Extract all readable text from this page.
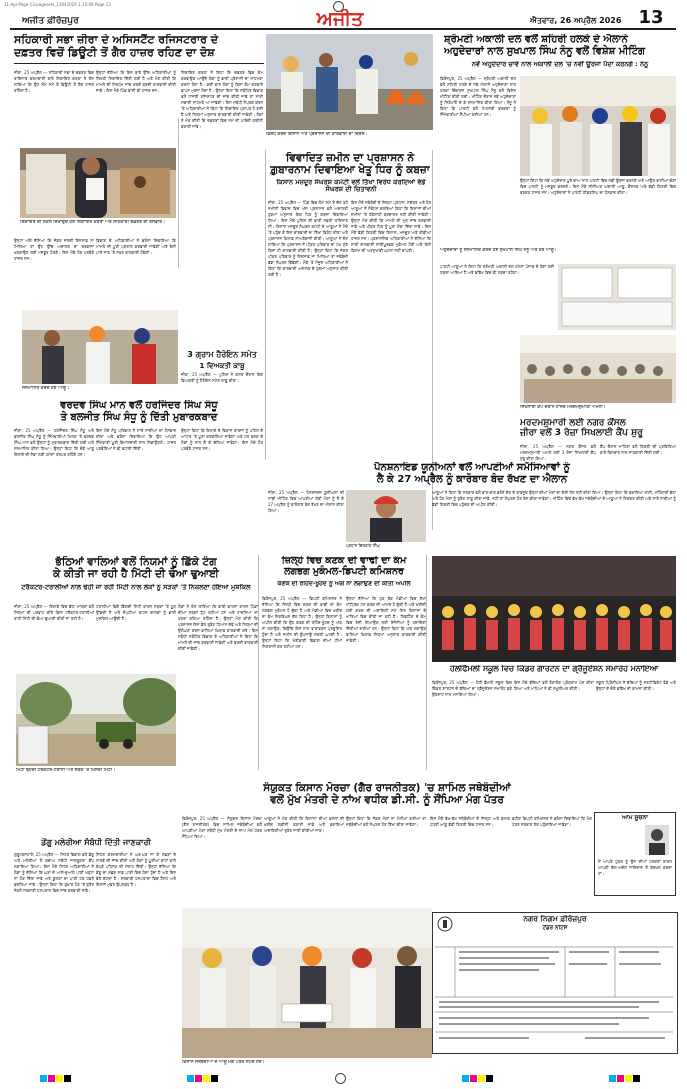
11-Apr-Page-13-pagesets_13042026 1-15:00 Page 13
ਅਜੀਤ ਫ਼ੀਰੋਜ਼ਪੁਰ	ਅਜੀਤ	ਐਤਵਾਰ, 26 ਅਪ੍ਰੈਲ 2026 13
ਸਹਿਕਾਰੀ ਸਭਾ ਜ਼ੀਰਾ ਦੇ ਅਸਿਸਟੈਂਟ ਰਜਿਸਟਰਾਰ ਦੇ
ਦਫ਼ਤਰ ਵਿਚੋਂ ਡਿਊਟੀ ਤੋਂ ਗੈਰ ਹਾਜ਼ਰ ਰਹਿਣ ਦਾ ਦੋਸ਼
ਜ਼ੀਰਾ, 25 ਅਪ੍ਰੈਲ — ਸਹਿਕਾਰੀ ਸਭਾ ਦੇ ਦਫ਼ਤਰ ਵਿਚ ਤਾਇਨਾਤ ਕਰਮਚਾਰੀ ਬਾਰੇ ਸ਼ਿਕਾਇਤ ਕਰਤਾ ਨੇ ਦੋਸ਼ ਲਾਇਆ ਕਿ ਉਹ ਲੰਮੇ ਸਮੇਂ ਤੋਂ ਡਿਊਟੀ ਤੋਂ ਗੈਰ ਹਾਜ਼ਰ ਰਹਿੰਦਾ ਹੈ।
ਉਨ੍ਹਾਂ ਦੱਸਿਆ ਕਿ ਇਸ ਬਾਰੇ ਉੱਚ ਅਧਿਕਾਰੀਆਂ ਨੂੰ ਲਿਖਤੀ ਸ਼ਿਕਾਇਤ ਦਿੱਤੀ ਗਈ ਹੈ ਅਤੇ ਮੰਗ ਕੀਤੀ ਕਿ ਮਾਮਲੇ ਦੀ ਨਿਰਪੱਖ ਜਾਂਚ ਕਰਕੇ ਬਣਦੀ ਕਾਰਵਾਈ ਕੀਤੀ ਜਾਵੇ। ਇਸ ਮੌਕੇ ਪਿੰਡ ਵਾਸੀ ਵੀ ਹਾਜ਼ਰ ਸਨ।
ਸ਼ਿਕਾਇਤ ਕਰਤਾ ਨੇ ਕਿਹਾ ਕਿ ਦਫ਼ਤਰ ਵਿਚ ਕੰਮ ਕਰਵਾਉਣ ਆਉਂਦੇ ਲੋਕਾਂ ਨੂੰ ਭਾਰੀ ਪ੍ਰੇਸ਼ਾਨੀ ਦਾ ਸਾਹਮਣਾ ਕਰਨਾ ਪੈਂਦਾ ਹੈ। ਕਈ ਵਾਰ ਲੋਕਾਂ ਨੂੰ ਬਿਨਾਂ ਕੰਮ ਕਰਵਾਏ ਵਾਪਸ ਮੁੜਨਾ ਪੈਂਦਾ ਹੈ। ਉਨ੍ਹਾਂ ਕਿਹਾ ਕਿ ਸਬੰਧਿਤ ਵਿਭਾਗ ਵਲੋਂ ਹਾਜ਼ਰੀ ਰਜਿਸਟਰ ਦੀ ਜਾਂਚ ਕੀਤੀ ਜਾਵੇ ਤਾਂ ਸਾਰੀ ਸਚਾਈ ਸਾਹਮਣੇ ਆ ਜਾਵੇਗੀ। ਇਸ ਸਬੰਧੀ ਸੰਪਰਕ ਕਰਨ 'ਤੇ ਅਧਿਕਾਰੀਆਂ ਨੇ ਕਿਹਾ ਕਿ ਸ਼ਿਕਾਇਤ ਪ੍ਰਾਪਤ ਹੋ ਗਈ ਹੈ ਅਤੇ ਨਿਯਮਾਂ ਅਨੁਸਾਰ ਕਾਰਵਾਈ ਕੀਤੀ ਜਾਵੇਗੀ। ਲੋਕਾਂ ਨੇ ਮੰਗ ਕੀਤੀ ਕਿ ਦਫ਼ਤਰਾਂ ਵਿਚ ਸਮੇਂ ਦੀ ਪਾਬੰਦੀ ਯਕੀਨੀ ਬਣਾਈ ਜਾਵੇ।
ਸ਼ਿਕਾਇਤ ਦੀ ਨਕਲ ਦਿਖਾਉਂਦੇ ਹੋਏ ਸ਼ਿਕਾਇਤ ਕਰਤਾ ਅਤੇ ਸਹਿਕਾਰੀ ਦਫ਼ਤਰ ਦੀ ਤਸਵੀਰ।
ਉਨ੍ਹਾਂ ਅੱਗੇ ਦੱਸਿਆ ਕਿ ਜੇਕਰ ਜਲਦੀ ਇਨਸਾਫ਼ ਨਾ ਮਿਲਿਆ ਤਾਂ ਉਹ ਉੱਚ ਅਦਾਲਤ ਦਾ ਦਰਵਾਜ਼ਾ ਖੜਕਾਉਣ ਲਈ ਮਜਬੂਰ ਹੋਣਗੇ। ਇਸ ਮੌਕੇ ਹੋਰ ਪਤਵੰਤੇ ਹਾਜ਼ਰ ਸਨ।
ਵਿਭਾਗ ਦੇ ਅਧਿਕਾਰੀਆਂ ਨੇ ਭਰੋਸਾ ਦਿਵਾਇਆ ਕਿ ਮਾਮਲੇ ਦੀ ਪੂਰੀ ਪੜਤਾਲ ਕਰਵਾਈ ਜਾਵੇਗੀ ਅਤੇ ਦੋਸ਼ੀ ਪਾਏ ਜਾਣ 'ਤੇ ਸਖ਼ਤ ਕਾਰਵਾਈ ਹੋਵੇਗੀ।
ਵਿਰੋਧ ਕਰਦੇ ਕਿਸਾਨ ਅਤੇ ਪ੍ਰਸ਼ਾਸਨ ਦੀ ਕਾਰਵਾਈ ਦਾ ਦ੍ਰਿਸ਼।
ਵਿਵਾਦਿਤ ਜ਼ਮੀਨ ਦਾ ਪ੍ਰਸ਼ਾਸਨ ਨੇ
ਗ਼ੁਬਾਰਨਾਮ ਦਿਵਾਇਆ ਖੇਤੂ ਧਿਰ ਨੂੰ ਕਬਜ਼ਾ
ਕਿਸਾਨ ਮਜ਼ਦੂਰ ਸੰਘਰਸ਼ ਕਮੇਟੀ ਵਲੋਂ ਤਿੱਖਾ ਵਿਰੋਧ ਕਰਦਿਆਂ ਵੱਡੇ ਸੰਘਰਸ਼ ਦੀ ਚਿਤਾਵਨੀ
ਜ਼ੀਰਾ, 25 ਅਪ੍ਰੈਲ — ਪਿੰਡ ਵਿਚ ਲੰਮੇ ਸਮੇਂ ਤੋਂ ਚੱਲ ਰਹੇ ਜ਼ਮੀਨੀ ਵਿਵਾਦ ਵਿਚ ਅੱਜ ਪ੍ਰਸ਼ਾਸਨ ਵਲੋਂ ਅਦਾਲਤੀ ਹੁਕਮਾਂ ਅਨੁਸਾਰ ਇਕ ਧਿਰ ਨੂੰ ਕਬਜ਼ਾ ਦਿਵਾਇਆ ਗਿਆ। ਇਸ ਮੌਕੇ ਪੁਲਿਸ ਦੀ ਭਾਰੀ ਨਫ਼ਰੀ ਤਾਇਨਾਤ ਸੀ। ਕਿਸਾਨ ਮਜ਼ਦੂਰ ਸੰਘਰਸ਼ ਕਮੇਟੀ ਦੇ ਆਗੂਆਂ ਨੇ ਮੌਕੇ 'ਤੇ ਪਹੁੰਚ ਕੇ ਇਸ ਕਾਰਵਾਈ ਦਾ ਤਿੱਖਾ ਵਿਰੋਧ ਕੀਤਾ ਅਤੇ ਪ੍ਰਸ਼ਾਸਨ ਖ਼ਿਲਾਫ਼ ਨਾਅਰੇਬਾਜ਼ੀ ਕੀਤੀ। ਆਗੂਆਂ ਨੇ ਦੋਸ਼ ਲਾਇਆ ਕਿ ਪ੍ਰਸ਼ਾਸਨ ਨੇ ਪੀੜਤ ਪਰਿਵਾਰ ਦਾ ਪੱਖ ਸੁਣੇ ਬਿਨਾਂ ਹੀ ਕਾਰਵਾਈ ਕੀਤੀ ਹੈ। ਉਨ੍ਹਾਂ ਕਿਹਾ ਕਿ ਜੇਕਰ ਪੀੜਤ ਪਰਿਵਾਰ ਨੂੰ ਇਨਸਾਫ਼ ਨਾ ਮਿਲਿਆ ਤਾਂ ਜਥੇਬੰਦੀ ਵੱਡਾ ਸੰਘਰਸ਼ ਵਿੱਢੇਗੀ। ਮੌਕੇ 'ਤੇ ਮੌਜੂਦ ਅਧਿਕਾਰੀਆਂ ਨੇ ਕਿਹਾ ਕਿ ਕਾਰਵਾਈ ਅਦਾਲਤ ਦੇ ਹੁਕਮਾਂ ਅਨੁਸਾਰ ਕੀਤੀ ਗਈ ਹੈ।
ਇਸ ਮੌਕੇ ਜਥੇਬੰਦੀ ਦੇ ਜ਼ਿਲ੍ਹਾ ਪ੍ਰਧਾਨ, ਸਕੱਤਰ ਅਤੇ ਹੋਰ ਆਗੂਆਂ ਨੇ ਸੰਬੋਧਨ ਕਰਦਿਆਂ ਕਿਹਾ ਕਿ ਕਿਸਾਨਾਂ ਦੀਆਂ ਜ਼ਮੀਨਾਂ 'ਤੇ ਧੱਕੇਸ਼ਾਹੀ ਬਰਦਾਸ਼ਤ ਨਹੀਂ ਕੀਤੀ ਜਾਵੇਗੀ। ਉਨ੍ਹਾਂ ਮੰਗ ਕੀਤੀ ਕਿ ਮਾਮਲੇ ਦੀ ਮੁੜ ਜਾਂਚ ਕਰਵਾਈ ਜਾਵੇ ਅਤੇ ਪੀੜਤ ਧਿਰ ਨੂੰ ਪੂਰਾ ਮੌਕਾ ਦਿੱਤਾ ਜਾਵੇ। ਇਸ ਮੌਕੇ ਵੱਡੀ ਗਿਣਤੀ ਵਿਚ ਕਿਸਾਨ, ਮਜ਼ਦੂਰ ਅਤੇ ਬੀਬੀਆਂ ਹਾਜ਼ਰ ਸਨ। ਪ੍ਰਸ਼ਾਸਨਿਕ ਅਧਿਕਾਰੀਆਂ ਨੇ ਦੱਸਿਆ ਕਿ ਸਾਰੀ ਕਾਰਵਾਈ ਸ਼ਾਂਤੀਪੂਰਵਕ ਮੁਕੰਮਲ ਹੋਈ ਅਤੇ ਕਿਸੇ ਕਿਸਮ ਦੀ ਅਣਸੁਖਾਵੀਂ ਘਟਨਾ ਨਹੀਂ ਵਾਪਰੀ।
ਸ਼੍ਰੋਮਣੀ ਅਕਾਲੀ ਦਲ ਵਲੋਂ ਸ਼ਹਿਰੀ ਹਲਕੇ ਦੇ ਐਲਾਨੇ
ਅਹੁਦੇਦਾਰਾਂ ਨਾਲ ਸੁਖਪਾਲ ਸਿੰਘ ਨੰਨੂ ਵਲੋਂ ਵਿਸ਼ੇਸ਼ ਮੀਟਿੰਗ
ਨਵੇਂ ਅਹੁਦੇਦਾਰ ਚਾਵੇ ਨਾਲ ਅਕਾਲੀ ਦਲ 'ਚ ਨਵੀਂ ਊਰਜਾ ਪੈਦਾ ਕਰਨਗੇ : ਨੰਨੂ
ਫ਼ਿਰੋਜ਼ਪੁਰ, 25 ਅਪ੍ਰੈਲ — ਸ਼੍ਰੋਮਣੀ ਅਕਾਲੀ ਦਲ ਵਲੋਂ ਸ਼ਹਿਰੀ ਹਲਕੇ ਦੇ ਨਵੇਂ ਐਲਾਨੇ ਅਹੁਦੇਦਾਰਾਂ ਨਾਲ ਹਲਕਾ ਇੰਚਾਰਜ ਸੁਖਪਾਲ ਸਿੰਘ ਨੰਨੂ ਵਲੋਂ ਵਿਸ਼ੇਸ਼ ਮੀਟਿੰਗ ਕੀਤੀ ਗਈ। ਮੀਟਿੰਗ ਦੌਰਾਨ ਨਵੇਂ ਅਹੁਦੇਦਾਰਾਂ ਨੂੰ ਸਿਰੋਪਾਓ ਦੇ ਕੇ ਸਨਮਾਨਿਤ ਕੀਤਾ ਗਿਆ। ਨੰਨੂ ਨੇ ਕਿਹਾ ਕਿ ਪਾਰਟੀ ਵਲੋਂ ਮਿਹਨਤੀ ਵਰਕਰਾਂ ਨੂੰ ਜ਼ਿੰਮੇਵਾਰੀਆਂ ਸੌਂਪੀਆਂ ਗਈਆਂ ਹਨ।
ਉਨ੍ਹਾਂ ਕਿਹਾ ਕਿ ਨਵੇਂ ਅਹੁਦੇਦਾਰ ਪੂਰੇ ਚਾਅ ਨਾਲ ਪਾਰਟੀ ਵਿਚ ਨਵੀਂ ਊਰਜਾ ਭਰਨਗੇ ਅਤੇ ਆਉਣ ਵਾਲੀਆਂ ਚੋਣਾਂ ਵਿਚ ਪਾਰਟੀ ਨੂੰ ਮਜ਼ਬੂਤ ਕਰਨਗੇ। ਇਸ ਮੌਕੇ ਸੀਨੀਅਰ ਅਕਾਲੀ ਆਗੂ, ਕੌਂਸਲਰ ਅਤੇ ਵੱਡੀ ਗਿਣਤੀ ਵਿਚ ਵਰਕਰ ਹਾਜ਼ਰ ਸਨ। ਅਹੁਦੇਦਾਰਾਂ ਨੇ ਪਾਰਟੀ ਲੀਡਰਸ਼ਿਪ ਦਾ ਧੰਨਵਾਦ ਕੀਤਾ।
ਅਹੁਦੇਦਾਰਾਂ ਨੂੰ ਸਨਮਾਨਿਤ ਕਰਦੇ ਹੋਏ ਸੁਖਪਾਲ ਸਿੰਘ ਨੰਨੂ ਅਤੇ ਹੋਰ ਆਗੂ।
ਪਾਰਟੀ ਆਗੂਆਂ ਨੇ ਕਿਹਾ ਕਿ ਸ਼੍ਰੋਮਣੀ ਅਕਾਲੀ ਦਲ ਹਮੇਸ਼ਾ ਪੰਜਾਬ ਦੇ ਹੱਕਾਂ ਲਈ ਲੜਦਾ ਆਇਆ ਹੈ ਅਤੇ ਭਵਿੱਖ ਵਿਚ ਵੀ ਲੜਦਾ ਰਹੇਗਾ।
ਸਨਮਾਨਿਤ ਕਰਦੇ ਹੋਏ ਆਗੂ।
ਵਰਦਵ ਸਿੰਘ ਮਾਨ ਵਲੋਂ ਹਰਜਿੰਦਰ ਸਿੰਘ ਸੰਧੂ
ਤੇ ਬਲਜੀਤ ਸਿੰਘ ਸੰਧੂ ਨੂੰ ਦਿੱਤੀ ਮੁਬਾਰਕਬਾਦ
ਜ਼ੀਰਾ, 25 ਅਪ੍ਰੈਲ — ਹਰਜਿੰਦਰ ਸਿੰਘ ਸੰਧੂ ਅਤੇ ਬਲਜੀਤ ਸਿੰਘ ਸੰਧੂ ਨੂੰ ਜ਼ਿੰਮੇਵਾਰੀਆਂ ਮਿਲਣ 'ਤੇ ਵਰਦਵ ਸਿੰਘ ਮਾਨ ਵਲੋਂ ਉਨ੍ਹਾਂ ਨੂੰ ਮੁਬਾਰਕਬਾਦ ਦਿੱਤੀ ਗਈ ਅਤੇ ਸਨਮਾਨਿਤ ਕੀਤਾ ਗਿਆ। ਉਨ੍ਹਾਂ ਕਿਹਾ ਕਿ ਦੋਵੇਂ ਆਗੂ ਇਲਾਕੇ ਦੀ ਸੇਵਾ ਲਈ ਹਮੇਸ਼ਾ ਤਤਪਰ ਰਹਿੰਦੇ ਹਨ।
ਇਸ ਮੌਕੇ ਸੰਧੂ ਪਰਿਵਾਰ ਨੇ ਸਾਰੇ ਸਾਥੀਆਂ ਦਾ ਧੰਨਵਾਦ ਕੀਤਾ ਅਤੇ ਭਰੋਸਾ ਦਿਵਾਇਆ ਕਿ ਉਹ ਆਪਣੀ ਜ਼ਿੰਮੇਵਾਰੀ ਪੂਰੀ ਇਮਾਨਦਾਰੀ ਨਾਲ ਨਿਭਾਉਣਗੇ। ਹਾਜ਼ਰ ਪਤਵੰਤਿਆਂ ਨੇ ਵੀ ਵਧਾਈ ਦਿੱਤੀ।
ਉਨ੍ਹਾਂ ਕਿਹਾ ਕਿ ਇਲਾਕੇ ਦੇ ਵਿਕਾਸ ਕਾਰਜਾਂ ਨੂੰ ਪਹਿਲ ਦੇ ਆਧਾਰ 'ਤੇ ਪੂਰਾ ਕਰਵਾਇਆ ਜਾਵੇਗਾ ਅਤੇ ਹਰ ਵਰਗ ਦੇ ਲੋਕਾਂ ਨੂੰ ਨਾਲ ਲੈ ਕੇ ਚੱਲਿਆ ਜਾਵੇਗਾ। ਇਸ ਮੌਕੇ ਹੋਰ ਪਤਵੰਤੇ ਹਾਜ਼ਰ ਸਨ।
3 ਗ੍ਰਾਮ ਹੈਰੋਇਨ ਸਮੇਤ
1 ਵਿਅਕਤੀ ਕਾਬੂ
ਜ਼ੀਰਾ, 25 ਅਪ੍ਰੈਲ — ਪੁਲਿਸ ਨੇ ਗਸ਼ਤ ਦੌਰਾਨ ਇਕ ਵਿਅਕਤੀ ਨੂੰ ਹੈਰੋਇਨ ਸਮੇਤ ਕਾਬੂ ਕੀਤਾ।
ਪੈਨਸ਼ਨਾਇਡ ਯੂਨੀਅਨਾਂ ਵਲੋਂ ਆਪਣੀਆਂ ਸਮੱਸਿਆਵਾਂ ਨੂੰ
ਲੈ ਕੇ 27 ਅਪ੍ਰੈਲ ਨੂੰ ਕਾਰੋਬਾਰ ਬੰਦ ਰੱਖਣ ਦਾ ਐਲਾਨ
ਜ਼ੀਰਾ, 25 ਅਪ੍ਰੈਲ — ਪੈਨਸ਼ਨਰਜ਼ ਯੂਨੀਅਨਾਂ ਦੀ ਸਾਂਝੀ ਮੀਟਿੰਗ ਵਿਚ ਆਪਣੀਆਂ ਹੱਕੀ ਮੰਗਾਂ ਨੂੰ ਲੈ ਕੇ 27 ਅਪ੍ਰੈਲ ਨੂੰ ਕਾਰੋਬਾਰ ਬੰਦ ਰੱਖਣ ਦਾ ਐਲਾਨ ਕੀਤਾ ਗਿਆ।
ਪ੍ਰਧਾਨ ਦਿਲਬਾਗ ਸਿੰਘ
ਆਗੂਆਂ ਨੇ ਕਿਹਾ ਕਿ ਸਰਕਾਰ ਵਲੋਂ ਵਾਰ-ਵਾਰ ਭਰੋਸੇ ਦੇਣ ਦੇ ਬਾਵਜੂਦ ਉਨ੍ਹਾਂ ਦੀਆਂ ਮੰਗਾਂ ਦਾ ਕੋਈ ਹੱਲ ਨਹੀਂ ਕੀਤਾ ਗਿਆ। ਉਨ੍ਹਾਂ ਕਿਹਾ ਕਿ ਬਕਾਇਆ ਰਾਸ਼ੀ, ਮਹਿੰਗਾਈ ਭੱਤਾ ਅਤੇ ਹੋਰ ਮੰਗਾਂ ਨੂੰ ਤੁਰੰਤ ਲਾਗੂ ਕੀਤਾ ਜਾਵੇ, ਨਹੀਂ ਤਾਂ ਸੰਘਰਸ਼ ਹੋਰ ਤੇਜ਼ ਕੀਤਾ ਜਾਵੇਗਾ। ਮੀਟਿੰਗ ਵਿਚ ਵੱਖ-ਵੱਖ ਜਥੇਬੰਦੀਆਂ ਦੇ ਆਗੂਆਂ ਨੇ ਸ਼ਿਰਕਤ ਕੀਤੀ ਅਤੇ ਸਾਰੇ ਸਾਥੀਆਂ ਨੂੰ ਵੱਡੀ ਗਿਣਤੀ ਵਿਚ ਪਹੁੰਚਣ ਦੀ ਅਪੀਲ ਕੀਤੀ।
ਸਿਖਲਾਈ ਕੈਂਪ ਦੌਰਾਨ ਹਾਜ਼ਰ ਮਰਦਮਸ਼ੁਮਾਰੀ ਅਮਲਾ।
ਮਰਦਮਸ਼ੁਮਾਰੀ ਲਈ ਨਗਰ ਕੌਂਸਲ
ਜ਼ੀਰਾ ਵਲੋਂ 3 ਰੋਜ਼ਾ ਸਿਖਲਾਈ ਕੈਂਪ ਸ਼ੁਰੂ
ਜ਼ੀਰਾ, 25 ਅਪ੍ਰੈਲ — ਨਗਰ ਕੌਂਸਲ ਵਲੋਂ ਮਰਦਮਸ਼ੁਮਾਰੀ ਅਮਲੇ ਲਈ 3 ਰੋਜ਼ਾ ਸਿਖਲਾਈ ਕੈਂਪ ਸ਼ੁਰੂ ਕੀਤਾ ਗਿਆ।
ਕੈਂਪ ਦੌਰਾਨ ਮਾਹਿਰਾਂ ਵਲੋਂ ਗਿਣਤੀ ਦੀ ਪ੍ਰਕਿਰਿਆ ਬਾਰੇ ਵਿਸਥਾਰ ਨਾਲ ਜਾਣਕਾਰੀ ਦਿੱਤੀ ਗਈ।
ਭੱਠਿਆਂ ਵਾਲਿਆਂ ਵਲੋਂ ਨਿਯਮਾਂ ਨੂੰ ਛਿੱਕੇ ਟੰਗ
ਕੇ ਕੀਤੀ ਜਾ ਰਹੀ ਹੈ ਮਿੱਟੀ ਦੀ ਢੋਆ ਢੁਆਈ
ਟਰੈਕਟਰ-ਟਰਾਲੀਆਂ ਨਾਲ ਢੋਹੀ ਜਾ ਰਹੀ ਮਿੱਟੀ ਨਾਲ ਲੋਕਾਂ ਨੂੰ ਸੜਕਾਂ 'ਤੇ ਨਿਕਲਣਾ ਹੋਇਆ ਮੁਸ਼ਕਿਲ
ਜ਼ੀਰਾ, 25 ਅਪ੍ਰੈਲ — ਇਲਾਕੇ ਵਿਚ ਭੱਠਾ ਮਾਲਕਾਂ ਵਲੋਂ ਨਿਯਮਾਂ ਦੀ ਪਰਵਾਹ ਕੀਤੇ ਬਿਨਾਂ ਟਰੈਕਟਰ-ਟਰਾਲੀਆਂ ਰਾਹੀਂ ਮਿੱਟੀ ਦੀ ਢੋਆ ਢੁਆਈ ਕੀਤੀ ਜਾ ਰਹੀ ਹੈ।
ਟਰਾਲੀਆਂ ਵਿਚੋਂ ਡਿੱਗਦੀ ਮਿੱਟੀ ਕਾਰਨ ਸੜਕਾਂ 'ਤੇ ਧੂੜ ਉੱਡਦੀ ਹੈ ਅਤੇ ਦੋਪਹੀਆ ਵਾਹਨ ਚਾਲਕਾਂ ਨੂੰ ਭਾਰੀ ਮੁਸ਼ਕਿਲ ਆਉਂਦੀ ਹੈ।
ਲੋਕਾਂ ਨੇ ਦੋਸ਼ ਲਾਇਆ ਕਿ ਭਾਰੀ ਵਾਹਨਾਂ ਕਾਰਨ ਪਿੰਡਾਂ ਦੀਆਂ ਸੜਕਾਂ ਟੁੱਟ ਰਹੀਆਂ ਹਨ ਅਤੇ ਹਾਦਸਿਆਂ ਦਾ ਖ਼ਤਰਾ ਬਣਿਆ ਰਹਿੰਦਾ ਹੈ। ਉਨ੍ਹਾਂ ਮੰਗ ਕੀਤੀ ਕਿ ਪ੍ਰਸ਼ਾਸਨ ਇਸ ਵੱਲ ਤੁਰੰਤ ਧਿਆਨ ਦੇਵੇ ਅਤੇ ਨਿਯਮਾਂ ਦੀ ਉਲੰਘਣਾ ਕਰਨ ਵਾਲਿਆਂ ਖ਼ਿਲਾਫ਼ ਕਾਰਵਾਈ ਕਰੇ। ਇਸ ਸਬੰਧੀ ਸਬੰਧਿਤ ਵਿਭਾਗ ਦੇ ਅਧਿਕਾਰੀਆਂ ਨੇ ਕਿਹਾ ਕਿ ਮਾਮਲੇ ਦੀ ਜਾਂਚ ਕਰਵਾਈ ਜਾਵੇਗੀ ਅਤੇ ਬਣਦੀ ਕਾਰਵਾਈ ਕੀਤੀ ਜਾਵੇਗੀ।
ਮਿੱਟੀ ਢੋਂਹਦੀ ਟਰੈਕਟਰ-ਟਰਾਲੀ ਅਤੇ ਸੜਕ 'ਤੇ ਖਿੱਲਰੀ ਮਿੱਟੀ।
ਜ਼ਿਲ੍ਹੇ ਵਿਚ ਕਣਕ ਦੀ ਵਾਢੀ ਦਾ ਕੰਮ
ਲਗਭਗ ਮੁਕੰਮਲ-ਡਿਪਟੀ ਕਮਿਸ਼ਨਰ
ਕਣਕ ਦੀ ਰਹਿੰਦ-ਖੂੰਹਦ ਨੂੰ ਅੱਗ ਨਾ ਲਗਾਉਣ ਦੀ ਕੀਤੀ ਅਪੀਲ
ਫ਼ਿਰੋਜ਼ਪੁਰ, 25 ਅਪ੍ਰੈਲ — ਡਿਪਟੀ ਕਮਿਸ਼ਨਰ ਨੇ ਦੱਸਿਆ ਕਿ ਜ਼ਿਲ੍ਹੇ ਵਿਚ ਕਣਕ ਦੀ ਵਾਢੀ ਦਾ ਕੰਮ ਲਗਭਗ ਮੁਕੰਮਲ ਹੋ ਚੁੱਕਾ ਹੈ ਅਤੇ ਮੰਡੀਆਂ ਵਿਚ ਖ਼ਰੀਦ ਦਾ ਕੰਮ ਨਿਰਵਿਘਨ ਚੱਲ ਰਿਹਾ ਹੈ। ਉਨ੍ਹਾਂ ਕਿਸਾਨਾਂ ਨੂੰ ਅਪੀਲ ਕੀਤੀ ਕਿ ਉਹ ਕਣਕ ਦੀ ਰਹਿੰਦ-ਖੂੰਹਦ ਨੂੰ ਅੱਗ ਨਾ ਲਗਾਉਣ, ਕਿਉਂਕਿ ਇਸ ਨਾਲ ਵਾਤਾਵਰਨ ਪ੍ਰਦੂਸ਼ਿਤ ਹੁੰਦਾ ਹੈ ਅਤੇ ਜ਼ਮੀਨ ਦੀ ਉਪਜਾਊ ਸ਼ਕਤੀ ਘਟਦੀ ਹੈ। ਉਨ੍ਹਾਂ ਕਿਹਾ ਕਿ ਖੇਤੀਬਾੜੀ ਵਿਭਾਗ ਦੀਆਂ ਟੀਮਾਂ ਨਿਗਰਾਨੀ ਕਰ ਰਹੀਆਂ ਹਨ।
ਉਨ੍ਹਾਂ ਦੱਸਿਆ ਕਿ ਹੁਣ ਤੱਕ ਮੰਡੀਆਂ ਵਿਚ ਲੱਖਾਂ ਮੀਟ੍ਰਿਕ ਟਨ ਕਣਕ ਦੀ ਆਮਦ ਹੋ ਚੁੱਕੀ ਹੈ ਅਤੇ ਖ਼ਰੀਦੀ ਗਈ ਕਣਕ ਦੀ ਅਦਾਇਗੀ ਸਮੇਂ ਸਿਰ ਕਿਸਾਨਾਂ ਦੇ ਖਾਤਿਆਂ ਵਿਚ ਕੀਤੀ ਜਾ ਰਹੀ ਹੈ। ਲਿਫ਼ਟਿੰਗ ਦੇ ਕੰਮ ਵਿਚ ਤੇਜ਼ੀ ਲਿਆਉਣ ਲਈ ਏਜੰਸੀਆਂ ਨੂੰ ਹਦਾਇਤਾਂ ਦਿੱਤੀਆਂ ਗਈਆਂ ਹਨ। ਉਨ੍ਹਾਂ ਕਿਹਾ ਕਿ ਅੱਗ ਲਗਾਉਣ ਵਾਲਿਆਂ ਖ਼ਿਲਾਫ਼ ਨਿਯਮਾਂ ਅਨੁਸਾਰ ਕਾਰਵਾਈ ਕੀਤੀ ਜਾਵੇਗੀ।
ਹੋਲੀਫੈਮਲੀ ਸਕੂਲ ਵਿਚ ਕਿੰਡਰ ਗਾਰਟਨ ਦਾ ਗ੍ਰੈਜੂਏਸ਼ਨ ਸਮਾਰੋਹ ਮਨਾਇਆ
ਫ਼ਿਰੋਜ਼ਪੁਰ, 25 ਅਪ੍ਰੈਲ — ਹੋਲੀ ਫੈਮਲੀ ਸਕੂਲ ਵਿਚ ਕਿੰਡਰ ਗਾਰਟਨ ਦੇ ਬੱਚਿਆਂ ਦਾ ਗ੍ਰੈਜੂਏਸ਼ਨ ਸਮਾਰੋਹ ਬੜੇ ਉਤਸ਼ਾਹ ਨਾਲ ਮਨਾਇਆ ਗਿਆ।
ਇਸ ਮੌਕੇ ਬੱਚਿਆਂ ਵਲੋਂ ਰੰਗਾਰੰਗ ਪ੍ਰੋਗਰਾਮ ਪੇਸ਼ ਕੀਤਾ ਗਿਆ ਅਤੇ ਮਾਪਿਆਂ ਨੇ ਵੀ ਸ਼ਮੂਲੀਅਤ ਕੀਤੀ।
ਸਕੂਲ ਪ੍ਰਿੰਸੀਪਲ ਨੇ ਬੱਚਿਆਂ ਨੂੰ ਸਰਟੀਫਿਕੇਟ ਵੰਡੇ ਅਤੇ ਉਨ੍ਹਾਂ ਦੇ ਚੰਗੇ ਭਵਿੱਖ ਦੀ ਕਾਮਨਾ ਕੀਤੀ।
ਸੰਯੁਕਤ ਕਿਸਾਨ ਮੋਰਚਾ (ਗੈਰ ਰਾਜਨੀਤਕ) 'ਚ ਸ਼ਾਮਿਲ ਜਥੇਬੰਦੀਆਂ
ਵਲੋਂ ਮੁੱਖ ਮੰਤਰੀ ਦੇ ਨਾਂਅ ਵਧੀਕ ਡੀ.ਸੀ. ਨੂੰ ਸੌਂਪਿਆ ਮੰਗ ਪੱਤਰ
ਫ਼ਿਰੋਜ਼ਪੁਰ, 25 ਅਪ੍ਰੈਲ — ਸੰਯੁਕਤ ਕਿਸਾਨ ਮੋਰਚਾ (ਗੈਰ ਰਾਜਨੀਤਕ) ਵਿਚ ਸ਼ਾਮਿਲ ਜਥੇਬੰਦੀਆਂ ਵਲੋਂ ਆਪਣੀਆਂ ਮੰਗਾਂ ਸਬੰਧੀ ਮੁੱਖ ਮੰਤਰੀ ਦੇ ਨਾਂਅ ਮੰਗ ਪੱਤਰ ਸੌਂਪਿਆ ਗਿਆ।
ਆਗੂਆਂ ਨੇ ਮੰਗ ਕੀਤੀ ਕਿ ਕਿਸਾਨਾਂ ਦੀਆਂ ਫ਼ਸਲਾਂ ਦੀ ਖ਼ਰੀਦ ਯਕੀਨੀ ਬਣਾਈ ਜਾਵੇ ਅਤੇ ਬਕਾਇਆ ਅਦਾਇਗੀਆਂ ਤੁਰੰਤ ਜਾਰੀ ਕੀਤੀਆਂ ਜਾਣ।
ਉਨ੍ਹਾਂ ਕਿਹਾ ਕਿ ਜੇਕਰ ਮੰਗਾਂ ਨਾ ਮੰਨੀਆਂ ਗਈਆਂ ਤਾਂ ਜਥੇਬੰਦੀਆਂ ਵਲੋਂ ਸੰਘਰਸ਼ ਹੋਰ ਤਿੱਖਾ ਕੀਤਾ ਜਾਵੇਗਾ।
ਇਸ ਮੌਕੇ ਵੱਖ-ਵੱਖ ਜਥੇਬੰਦੀਆਂ ਦੇ ਜ਼ਿਲ੍ਹਾ ਅਤੇ ਬਲਾਕ ਪੱਧਰੀ ਆਗੂ ਵੱਡੀ ਗਿਣਤੀ ਵਿਚ ਹਾਜ਼ਰ ਸਨ।
ਵਧੀਕ ਡਿਪਟੀ ਕਮਿਸ਼ਨਰ ਨੇ ਭਰੋਸਾ ਦਿਵਾਇਆ ਕਿ ਮੰਗ ਪੱਤਰ ਸਰਕਾਰ ਤੱਕ ਪਹੁੰਚਾਇਆ ਜਾਵੇਗਾ।
ਕਿਸਾਨ ਜਥੇਬੰਦੀਆਂ ਦੇ ਆਗੂ ਮੰਗ ਪੱਤਰ ਸੌਂਪਦੇ ਹੋਏ।
ਡੇਂਗੂ ਮਲੇਰੀਆ ਸੰਬੰਧੀ ਦਿੱਤੀ ਜਾਣਕਾਰੀ
ਗੁਰੂਹਰਸਹਾਏ, 25 ਅਪ੍ਰੈਲ — ਸਿਹਤ ਵਿਭਾਗ ਵਲੋਂ ਡੇਂਗੂ ਅਤੇ ਮਲੇਰੀਆ ਤੋਂ ਬਚਾਅ ਸਬੰਧੀ ਜਾਗਰੂਕਤਾ ਕੈਂਪ ਲਗਾਇਆ ਗਿਆ। ਇਸ ਮੌਕੇ ਸਿਹਤ ਅਧਿਕਾਰੀਆਂ ਨੇ ਲੋਕਾਂ ਨੂੰ ਦੱਸਿਆ ਕਿ ਘਰਾਂ ਦੇ ਆਲੇ-ਦੁਆਲੇ ਪਾਣੀ ਖੜ੍ਹਾ ਨਾ ਹੋਣ ਦਿੱਤਾ ਜਾਵੇ ਅਤੇ ਕੂਲਰਾਂ ਦਾ ਪਾਣੀ ਹਰ ਹਫ਼ਤੇ ਬਦਲਿਆ ਜਾਵੇ। ਉਨ੍ਹਾਂ ਕਿਹਾ ਕਿ ਬੁਖ਼ਾਰ ਹੋਣ 'ਤੇ ਤੁਰੰਤ ਨੇੜਲੇ ਸਰਕਾਰੀ ਹਸਪਤਾਲ ਵਿਚ ਜਾਂਚ ਕਰਵਾਈ ਜਾਵੇ।
ਸਿਹਤ ਕਰਮਚਾਰੀਆਂ ਨੇ ਘਰ-ਘਰ ਜਾ ਕੇ ਮੱਛਰਾਂ ਦੇ ਲਾਰਵੇ ਦੀ ਜਾਂਚ ਕੀਤੀ ਅਤੇ ਲੋਕਾਂ ਨੂੰ ਪੂਰੀਆਂ ਬਾਹਾਂ ਵਾਲੇ ਕੱਪੜੇ ਪਹਿਨਣ ਦੀ ਸਲਾਹ ਦਿੱਤੀ। ਉਨ੍ਹਾਂ ਦੱਸਿਆ ਕਿ ਡੇਂਗੂ ਦਾ ਮੱਛਰ ਸਾਫ਼ ਪਾਣੀ ਵਿਚ ਪੈਦਾ ਹੁੰਦਾ ਹੈ ਅਤੇ ਦਿਨ ਵੇਲੇ ਕੱਟਦਾ ਹੈ। ਸਰਕਾਰੀ ਹਸਪਤਾਲਾਂ ਵਿਚ ਟੈਸਟ ਅਤੇ ਇਲਾਜ ਮੁਫ਼ਤ ਉਪਲਬਧ ਹੈ।
ਆਮ ਸੂਚਨਾ
ਮੈਂ ਆਪਣੇ ਪੁੱਤਰ ਨੂੰ ਉਸ ਦੀਆਂ ਹਰਕਤਾਂ ਕਾਰਨ ਆਪਣੀ ਚੱਲ-ਅਚੱਲ ਜਾਇਦਾਦ ਤੋਂ ਬੇਦਖ਼ਲ ਕਰਦਾ ਹਾਂ।
ਨਗਰ ਨਿਗਮ ਫ਼ੀਰੋਜ਼ਪੁਰ
ਟੈਂਡਰ ਨੋਟਿਸ
